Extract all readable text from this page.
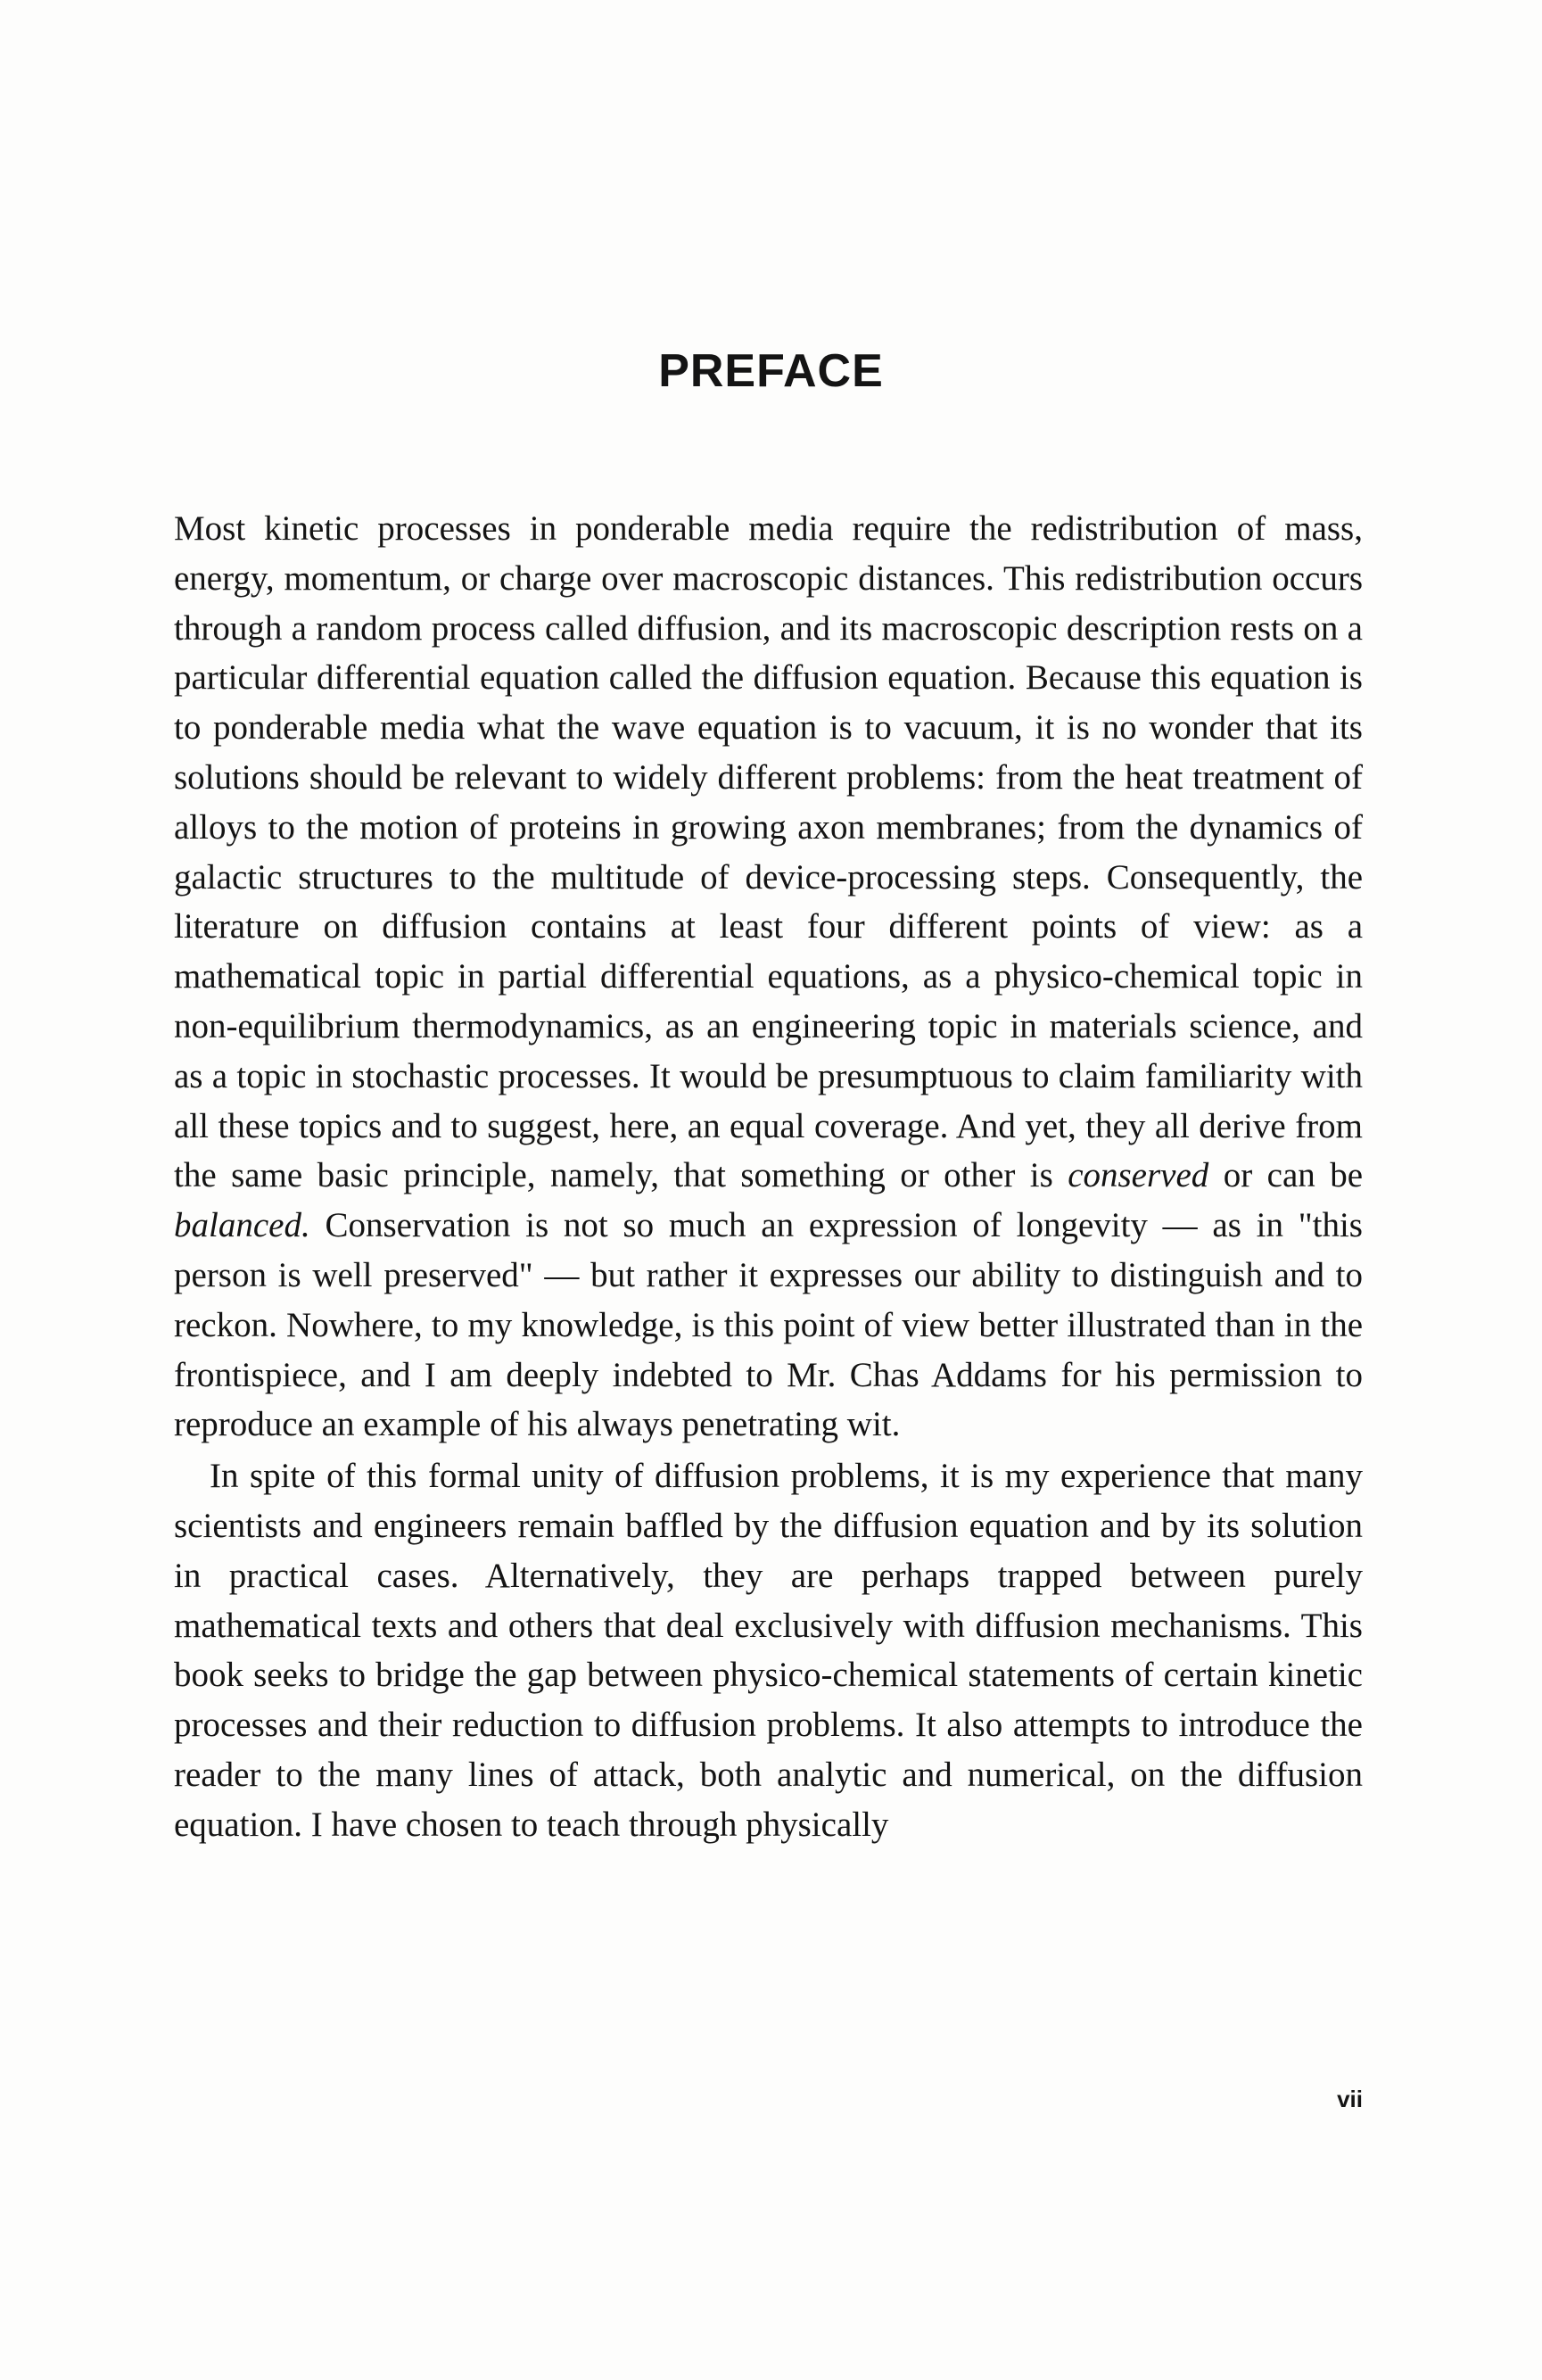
PREFACE

Most kinetic processes in ponderable media require the redistribution of mass, energy, momentum, or charge over macroscopic distances. This redistribution occurs through a random process called diffusion, and its macroscopic description rests on a particular differential equation called the diffusion equation. Because this equation is to ponderable media what the wave equation is to vacuum, it is no wonder that its solutions should be relevant to widely different problems: from the heat treatment of alloys to the motion of proteins in growing axon membranes; from the dynamics of galactic structures to the multitude of device-processing steps. Consequently, the literature on diffusion contains at least four different points of view: as a mathematical topic in partial differential equations, as a physico-chemical topic in non-equilibrium thermodynamics, as an engineering topic in materials science, and as a topic in stochastic processes. It would be presumptuous to claim familiarity with all these topics and to suggest, here, an equal coverage. And yet, they all derive from the same basic principle, namely, that something or other is conserved or can be balanced. Conservation is not so much an expression of longevity — as in "this person is well preserved" — but rather it expresses our ability to distinguish and to reckon. Nowhere, to my knowledge, is this point of view better illustrated than in the frontispiece, and I am deeply indebted to Mr. Chas Addams for his permission to reproduce an example of his always penetrating wit.

In spite of this formal unity of diffusion problems, it is my experience that many scientists and engineers remain baffled by the diffusion equation and by its solution in practical cases. Alternatively, they are perhaps trapped between purely mathematical texts and others that deal exclusively with diffusion mechanisms. This book seeks to bridge the gap between physico-chemical statements of certain kinetic processes and their reduction to diffusion problems. It also attempts to introduce the reader to the many lines of attack, both analytic and numerical, on the diffusion equation. I have chosen to teach through physically

vii
